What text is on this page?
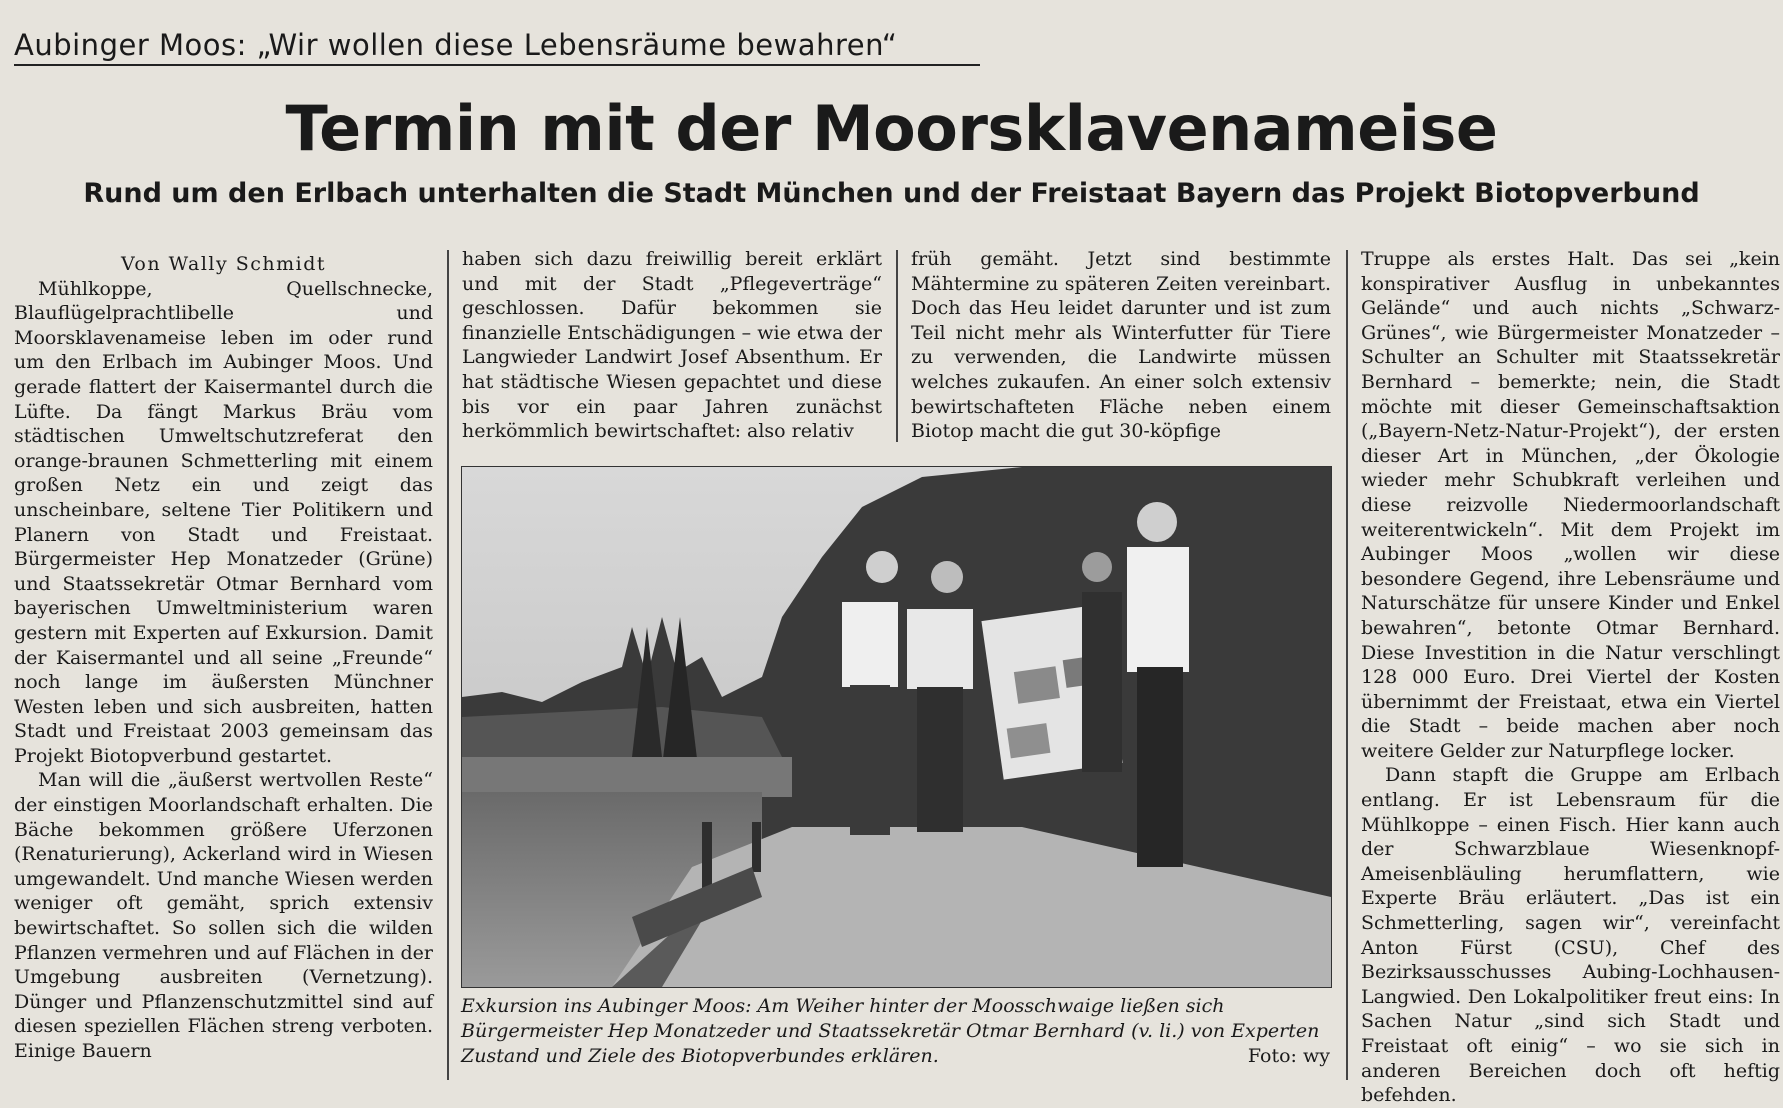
Aubinger Moos: „Wir wollen diese Lebensräume bewahren“
Termin mit der Moorsklavenameise
Rund um den Erlbach unterhalten die Stadt München und der Freistaat Bayern das Projekt Biotopverbund

Von Wally Schmidt

Mühlkoppe, Quellschnecke, Blauflügelprachtlibelle und Moorsklavenameise leben im oder rund um den Erlbach im Aubinger Moos. Und gerade flattert der Kaisermantel durch die Lüfte. Da fängt Markus Bräu vom städtischen Umweltschutzreferat den orange-braunen Schmetterling mit einem großen Netz ein und zeigt das unscheinbare, seltene Tier Politikern und Planern von Stadt und Freistaat. Bürgermeister Hep Monatzeder (Grüne) und Staatssekretär Otmar Bernhard vom bayerischen Umweltministerium waren gestern mit Experten auf Exkursion. Damit der Kaisermantel und all seine „Freunde“ noch lange im äußersten Münchner Westen leben und sich ausbreiten, hatten Stadt und Freistaat 2003 gemeinsam das Projekt Biotopverbund gestartet.

Man will die „äußerst wertvollen Reste“ der einstigen Moorlandschaft erhalten. Die Bäche bekommen größere Uferzonen (Renaturierung), Ackerland wird in Wiesen umgewandelt. Und manche Wiesen werden weniger oft gemäht, sprich extensiv bewirtschaftet. So sollen sich die wilden Pflanzen vermehren und auf Flächen in der Umgebung ausbreiten (Vernetzung). Dünger und Pflanzenschutzmittel sind auf diesen speziellen Flächen streng verboten. Einige Bauern

haben sich dazu freiwillig bereit erklärt und mit der Stadt „Pflegeverträge“ geschlossen. Dafür bekommen sie finanzielle Entschädigungen – wie etwa der Langwieder Landwirt Josef Absenthum. Er hat städtische Wiesen gepachtet und diese bis vor ein paar Jahren zunächst herkömmlich bewirtschaftet: also relativ

früh gemäht. Jetzt sind bestimmte Mähtermine zu späteren Zeiten vereinbart. Doch das Heu leidet darunter und ist zum Teil nicht mehr als Winterfutter für Tiere zu verwenden, die Landwirte müssen welches zukaufen. An einer solch extensiv bewirtschafteten Fläche neben einem Biotop macht die gut 30-köpfige

Truppe als erstes Halt. Das sei „kein konspirativer Ausflug in unbekanntes Gelände“ und auch nichts „Schwarz-Grünes“, wie Bürgermeister Monatzeder – Schulter an Schulter mit Staatssekretär Bernhard – bemerkte; nein, die Stadt möchte mit dieser Gemeinschaftsaktion („Bayern-Netz-Natur-Projekt“), der ersten dieser Art in München, „der Ökologie wieder mehr Schubkraft verleihen und diese reizvolle Niedermoorlandschaft weiterentwickeln“. Mit dem Projekt im Aubinger Moos „wollen wir diese besondere Gegend, ihre Lebensräume und Naturschätze für unsere Kinder und Enkel bewahren“, betonte Otmar Bernhard. Diese Investition in die Natur verschlingt 128 000 Euro. Drei Viertel der Kosten übernimmt der Freistaat, etwa ein Viertel die Stadt – beide machen aber noch weitere Gelder zur Naturpflege locker.

Dann stapft die Gruppe am Erlbach entlang. Er ist Lebensraum für die Mühlkoppe – einen Fisch. Hier kann auch der Schwarzblaue Wiesenknopf-Ameisenbläuling herumflattern, wie Experte Bräu erläutert. „Das ist ein Schmetterling, sagen wir“, vereinfacht Anton Fürst (CSU), Chef des Bezirksausschusses Aubing-Lochhausen-Langwied. Den Lokalpolitiker freut eins: In Sachen Natur „sind sich Stadt und Freistaat oft einig“ – wo sie sich in anderen Bereichen doch oft heftig befehden.

Exkursion ins Aubinger Moos: Am Weiher hinter der Moosschwaige ließen sich Bürgermeister Hep Monatzeder und Staatssekretär Otmar Bernhard (v. li.) von Experten Zustand und Ziele des Biotopverbundes erklären.	Foto: wy
